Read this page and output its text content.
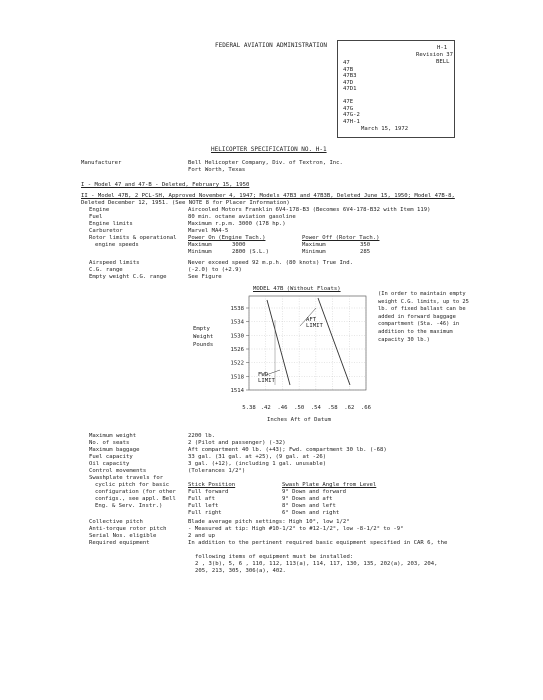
FEDERAL AVIATION ADMINISTRATION	H-1
Revision 37
BELL
47
47B
47B3
47D
47D1
47E
47G
47G-2
47H-1
March 15, 1972
HELICOPTER SPECIFICATION NO. H-1
Manufacturer	Bell Helicopter Company, Div. of Textron, Inc.
Fort Worth, Texas
I - Model 47 and 47-B - Deleted, February 15, 1950
II - Model 47B, 2 PCL-SH, Approved November 4, 1947; Models 47B3 and 47B3B, Deleted June 15, 1950; Model 47B-8,
Deleted December 12, 1951. (See NOTE 8 for Placer Information)
Engine	Aircooled Motors Franklin 6V4-178-B3 (Becomes 6V4-178-B32 with Item 119)
Fuel	80 min. octane aviation gasoline
Engine limits	Maximum r.p.m. 3000 (178 hp.)
Carburetor	Marvel MA4-5
Rotor limits & operational
engine speeds
Power On (Engine Tach.)	Power Off (Rotor Tach.)
Maximum	3000	Maximum	350
Minimum	2800 (S.L.)	Minimum	285
Airspeed limits	Never exceed speed 92 m.p.h. (80 knots) True Ind.
C.G. range	(-2.0) to (+2.9)
Empty weight C.G. range	See Figure
MODEL 47B (Without Floats)
Empty
Weight
Pounds
5.38 .42 .46 .50 .54 .58 .62 .66
1538
1534
1530
1526
1522
1518
1514
AFT
LIMIT
FWD.
LIMIT
Inches Aft of Datum
(In order to maintain empty weight C.G. limits, up to 25 lb. of fixed ballast can be added in forward baggage compartment (Sta. -46) in addition to the maximum capacity 30 lb.)
Maximum weight	2200 lb.
No. of seats	2 (Pilot and passenger) (-32)
Maximum baggage	Aft compartment 40 lb. (+43); Fwd. compartment 30 lb. (-68)
Fuel capacity	33 gal. (31 gal. at +25), (9 gal. at -26)
Oil capacity	3 gal. (+12), (including 1 gal. unusable)
Control movements	(Tolerances 1/2°)
Swashplate travels for
cyclic pitch for basic
configuration (for other
configs., see appl. Bell
Eng. & Serv. Instr.)
Stick Position	Swash Plate Angle from Level
Full forward	9° Down and forward
Full aft	9° Down and aft
Full left	8° Down and left
Full right	6° Down and right
Collective pitch	Blade average pitch settings: High 10°, low 1/2°
Anti-torque rotor pitch	- Measured at tip: High #10-1/2° to #12-1/2°, low -8-1/2° to -9°
Serial Nos. eligible	2 and up
Required equipment	In addition to the pertinent required basic equipment specified in CAR 6, the
following items of equipment must be installed:
2 , 3(b), 5, 6 , 110, 112, 113(a), 114, 117, 130, 135, 202(a), 203, 204,
205, 213, 305, 306(a), 402.
